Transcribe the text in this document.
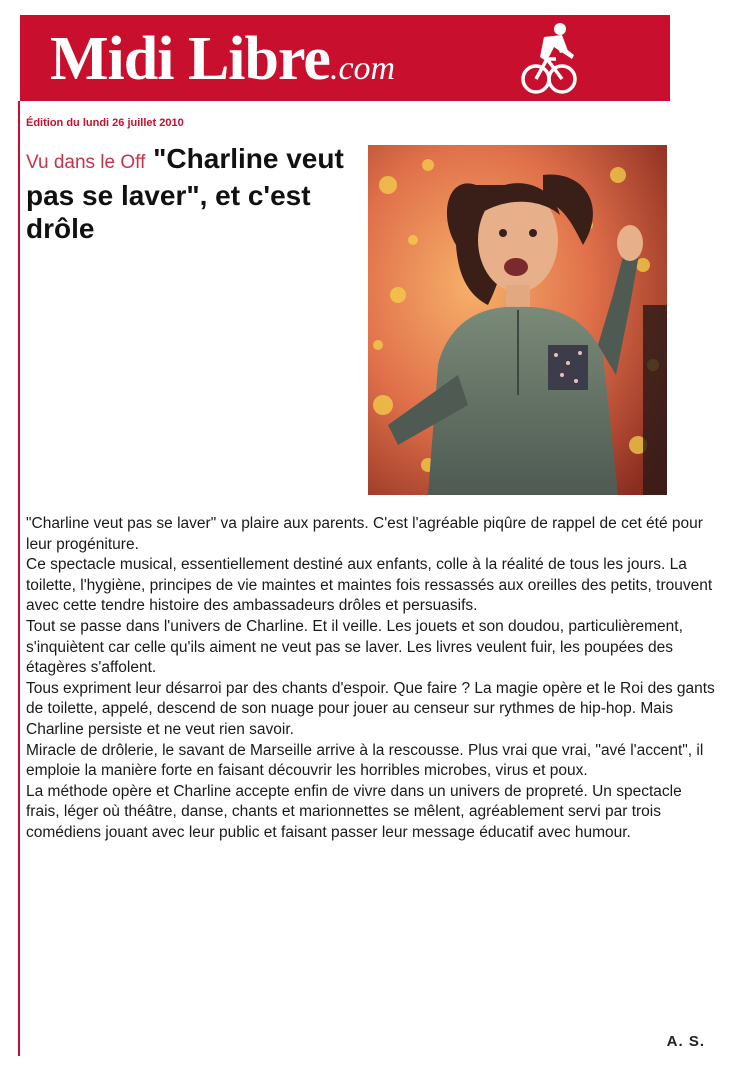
Midi Libre.com
Édition du lundi 26 juillet 2010
Vu dans le Off "Charline veut pas se laver", et c'est drôle

"Charline veut pas se laver" va plaire aux parents. C'est l'agréable piqûre de rappel de cet été pour leur progéniture.

Ce spectacle musical, essentiellement destiné aux enfants, colle à la réalité de tous les jours. La toilette, l'hygiène, principes de vie maintes et maintes fois ressassés aux oreilles des petits, trouvent avec cette tendre histoire des ambassadeurs drôles et persuasifs.

Tout se passe dans l'univers de Charline. Et il veille. Les jouets et son doudou, particulièrement, s'inquiètent car celle qu'ils aiment ne veut pas se laver. Les livres veulent fuir, les poupées des étagères s'affolent.

Tous expriment leur désarroi par des chants d'espoir. Que faire ? La magie opère et le Roi des gants de toilette, appelé, descend de son nuage pour jouer au censeur sur rythmes de hip-hop. Mais Charline persiste et ne veut rien savoir.

Miracle de drôlerie, le savant de Marseille arrive à la rescousse. Plus vrai que vrai, "avé l'accent", il emploie la manière forte en faisant découvrir les horribles microbes, virus et poux.

La méthode opère et Charline accepte enfin de vivre dans un univers de propreté. Un spectacle frais, léger où théâtre, danse, chants et marionnettes se mêlent, agréablement servi par trois comédiens jouant avec leur public et faisant passer leur message éducatif avec humour.

A. S.
